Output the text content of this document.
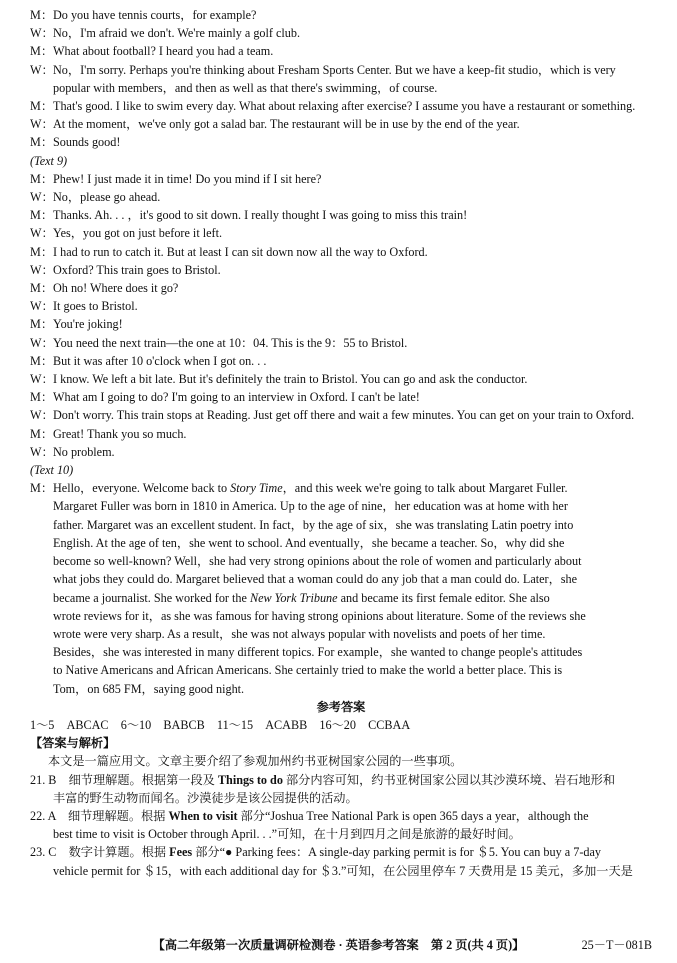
M：Do you have tennis courts，for example?
W：No，I'm afraid we don't. We're mainly a golf club.
M：What about football? I heard you had a team.
W：No，I'm sorry. Perhaps you're thinking about Fresham Sports Center. But we have a keep-fit studio，which is very popular with members，and then as well as that there's swimming，of course.
M：That's good. I like to swim every day. What about relaxing after exercise? I assume you have a restaurant or something.
W：At the moment，we've only got a salad bar. The restaurant will be in use by the end of the year.
M：Sounds good!
(Text 9)
M：Phew! I just made it in time! Do you mind if I sit here?
W：No，please go ahead.
M：Thanks. Ah. . . ，it's good to sit down. I really thought I was going to miss this train!
W：Yes，you got on just before it left.
M：I had to run to catch it. But at least I can sit down now all the way to Oxford.
W：Oxford? This train goes to Bristol.
M：Oh no! Where does it go?
W：It goes to Bristol.
M：You're joking!
W：You need the next train—the one at 10：04. This is the 9：55 to Bristol.
M：But it was after 10 o'clock when I got on. . .
W：I know. We left a bit late. But it's definitely the train to Bristol. You can go and ask the conductor.
M：What am I going to do? I'm going to an interview in Oxford. I can't be late!
W：Don't worry. This train stops at Reading. Just get off there and wait a few minutes. You can get on your train to Oxford.
M：Great! Thank you so much.
W：No problem.
(Text 10)
M：Hello，everyone. Welcome back to Story Time，and this week we're going to talk about Margaret Fuller.
Margaret Fuller was born in 1810 in America. Up to the age of nine，her education was at home with her
father. Margaret was an excellent student. In fact，by the age of six，she was translating Latin poetry into
English. At the age of ten，she went to school. And eventually，she became a teacher. So，why did she
become so well-known? Well，she had very strong opinions about the role of women and particularly about
what jobs they could do. Margaret believed that a woman could do any job that a man could do. Later，she
became a journalist. She worked for the New York Tribune and became its first female editor. She also
wrote reviews for it，as she was famous for having strong opinions about literature. Some of the reviews she
wrote were very sharp. As a result，she was not always popular with novelists and poets of her time.
Besides，she was interested in many different topics. For example，she wanted to change people's attitudes
to Native Americans and African Americans. She certainly tried to make the world a better place. This is
Tom，on 685 FM，saying good night.
参考答案
1～5　 ABCAC　 6～10　 BABCB　 11～15　 ACABB　 16～20　 CCBAA
【答案与解析】
本文是一篇应用文。文章主要介绍了参观加州约书亚树国家公园的一些事项。
21. B　 细节理解题。根据第一段及 Things to do 部分内容可知，约书亚树国家公园以其沙漠环境、岩石地形和
丰富的野生动物而闻名。沙漠徒步是该公园提供的活动。
22. A　 细节理解题。根据 When to visit 部分“Joshua Tree National Park is open 365 days a year，although the
best time to visit is October through April. . .”可知，在十月到四月之间是旅游的最好时间。
23. C　 数字计算题。根据 Fees 部分“● Parking fees：A single-day parking permit is for ＄5. You can buy a 7-day
vehicle permit for ＄15，with each additional day for ＄3.”可知，在公园里停车 7 天费用是 15 美元，多加一天是
【高二年级第一次质量调研检测卷 · 英语参考答案　第 2 页(共 4 页)】	25－T－081B
